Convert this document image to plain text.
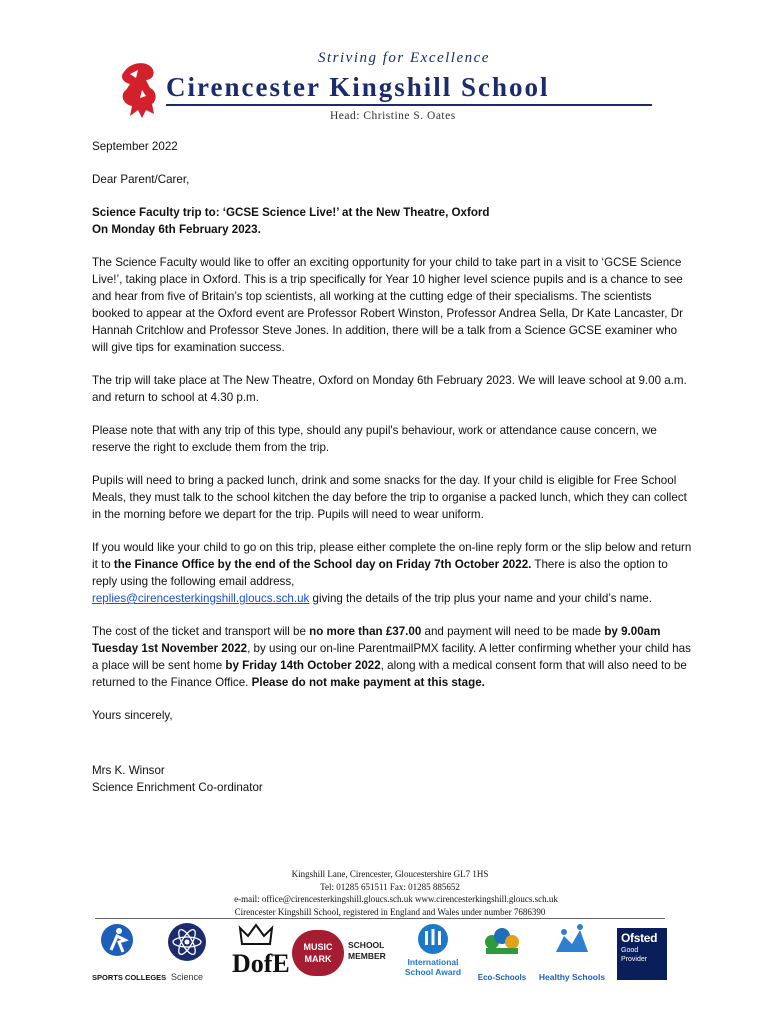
Striving for Excellence
Cirencester Kingshill School
Head: Christine S. Oates

September 2022

Dear Parent/Carer,

Science Faculty trip to: ‘GCSE Science Live!’ at the New Theatre, Oxford
On Monday 6th February 2023.

The Science Faculty would like to offer an exciting opportunity for your child to take part in a visit to ‘GCSE Science Live!’, taking place in Oxford. This is a trip specifically for Year 10 higher level science pupils and is a chance to see and hear from five of Britain’s top scientists, all working at the cutting edge of their specialisms. The scientists booked to appear at the Oxford event are Professor Robert Winston, Professor Andrea Sella, Dr Kate Lancaster, Dr Hannah Critchlow and Professor Steve Jones. In addition, there will be a talk from a Science GCSE examiner who will give tips for examination success.

The trip will take place at The New Theatre, Oxford on Monday 6th February 2023. We will leave school at 9.00 a.m. and return to school at 4.30 p.m.

Please note that with any trip of this type, should any pupil's behaviour, work or attendance cause concern, we reserve the right to exclude them from the trip.

Pupils will need to bring a packed lunch, drink and some snacks for the day. If your child is eligible for Free School Meals, they must talk to the school kitchen the day before the trip to organise a packed lunch, which they can collect in the morning before we depart for the trip. Pupils will need to wear uniform.

If you would like your child to go on this trip, please either complete the on-line reply form or the slip below and return it to the Finance Office by the end of the School day on Friday 7th October 2022. There is also the option to reply using the following email address,
replies@cirencesterkingshill.gloucs.sch.uk giving the details of the trip plus your name and your child’s name.

The cost of the ticket and transport will be no more than £37.00 and payment will need to be made by 9.00am Tuesday 1st November 2022, by using our on-line ParentmailPMX facility. A letter confirming whether your child has a place will be sent home by Friday 14th October 2022, along with a medical consent form that will also need to be returned to the Finance Office. Please do not make payment at this stage.

Yours sincerely,

Mrs K. Winsor
Science Enrichment Co-ordinator
Kingshill Lane, Cirencester, Gloucestershire GL7 1HS
Tel: 01285 651511 Fax: 01285 885652
e-mail: office@cirencesterkingshill.gloucs.sch.uk www.cirencesterkingshill.gloucs.sch.uk
Cirencester Kingshill School, registered in England and Wales under number 7686390
SPORTS COLLEGES Science	DofE
MUSIC
MARK
SCHOOL
MEMBER
International
School Award
Eco-Schools	Healthy Schools
Ofsted
Good
Provider
